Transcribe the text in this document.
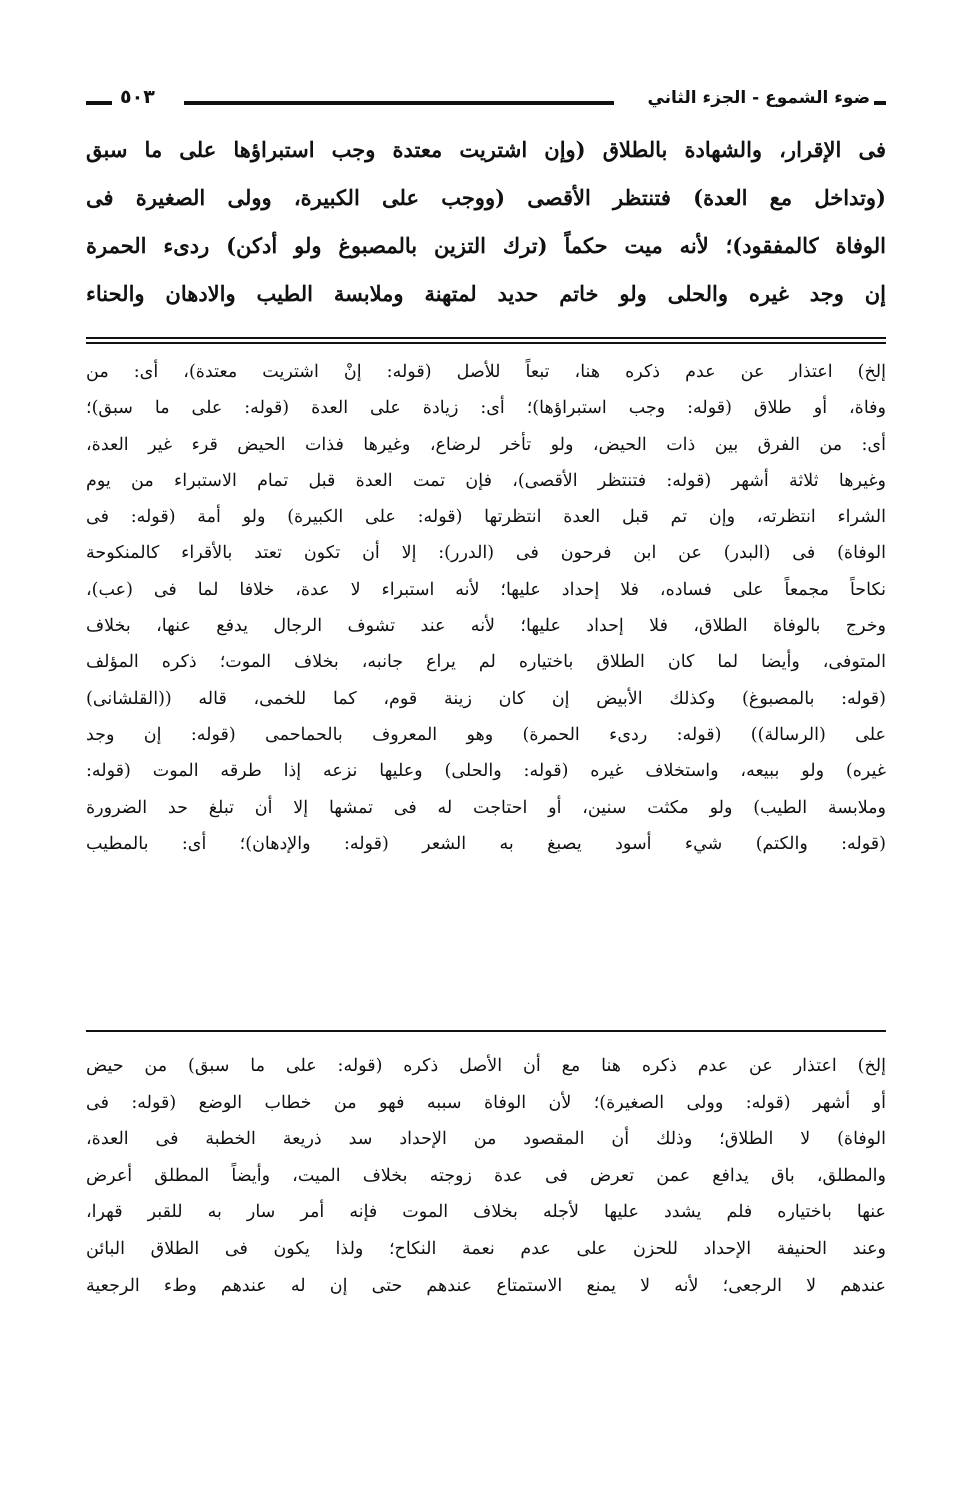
ضوء الشموع - الجزء الثاني
٥٠٣

فى الإقرار، والشهادة بالطلاق (وإن اشتريت معتدة وجب استبراؤها على ما سبق

(وتداخل مع العدة) فتنتظر الأقصى (ووجب على الكبيرة، وولى الصغيرة فى

الوفاة كالمفقود)؛ لأنه ميت حكماً (ترك التزين بالمصبوغ ولو أدكن) ردىء الحمرة

إن وجد غيره والحلى ولو خاتم حديد لمتهنة وملابسة الطيب والادهان والحناء

إلخ) اعتذار عن عدم ذكره هنا، تبعاً للأصل (قوله: إنْ اشتريت معتدة)، أى: من

وفاة، أو طلاق (قوله: وجب استبراؤها)؛ أى: زيادة على العدة (قوله: على ما سبق)؛

أى: من الفرق بين ذات الحيض، ولو تأخر لرضاع، وغيرها فذات الحيض قرء غير العدة،

وغيرها ثلاثة أشهر (قوله: فتنتظر الأقصى)، فإن تمت العدة قبل تمام الاستبراء من يوم

الشراء انتظرته، وإن تم قبل العدة انتظرتها (قوله: على الكبيرة) ولو أمة (قوله: فى

الوفاة) فى (البدر) عن ابن فرحون فى (الدرر): إلا أن تكون تعتد بالأقراء كالمنكوحة

نكاحاً مجمعاً على فساده، فلا إحداد عليها؛ لأنه استبراء لا عدة، خلافا لما فى (عب)،

وخرج بالوفاة الطلاق، فلا إحداد عليها؛ لأنه عند تشوف الرجال يدفع عنها، بخلاف

المتوفى، وأيضا لما كان الطلاق باختياره لم يراع جانبه، بخلاف الموت؛ ذكره المؤلف

(قوله: بالمصبوغ) وكذلك الأبيض إن كان زينة قوم، كما للخمى، قاله ((القلشانى)

على (الرسالة)) (قوله: ردىء الحمرة) وهو المعروف بالحماحمى (قوله: إن وجد

غيره) ولو ببيعه، واستخلاف غيره (قوله: والحلى) وعليها نزعه إذا طرقه الموت (قوله:

وملابسة الطيب) ولو مكثت سنين، أو احتاجت له فى تمشها إلا أن تبلغ حد الضرورة

(قوله: والكتم) شيء أسود يصبغ به الشعر (قوله: والإدهان)؛ أى: بالمطيب

إلخ) اعتذار عن عدم ذكره هنا مع أن الأصل ذكره (قوله: على ما سبق) من حيض

أو أشهر (قوله: وولى الصغيرة)؛ لأن الوفاة سببه فهو من خطاب الوضع (قوله: فى

الوفاة) لا الطلاق؛ وذلك أن المقصود من الإحداد سد ذريعة الخطبة فى العدة،

والمطلق، باق يدافع عمن تعرض فى عدة زوجته بخلاف الميت، وأيضاً المطلق أعرض

عنها باختياره فلم يشدد عليها لأجله بخلاف الموت فإنه أمر سار به للقبر قهرا،

وعند الحنيفة الإحداد للحزن على عدم نعمة النكاح؛ ولذا يكون فى الطلاق البائن

عندهم لا الرجعى؛ لأنه لا يمنع الاستمتاع عندهم حتى إن له عندهم وطء الرجعية
